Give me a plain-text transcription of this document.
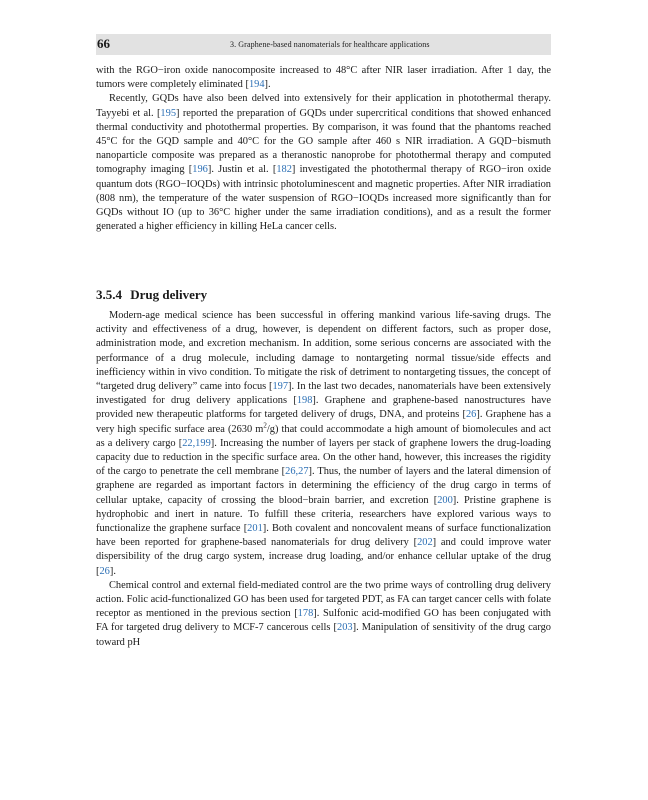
66	3. Graphene-based nanomaterials for healthcare applications

with the RGO−iron oxide nanocomposite increased to 48°C after NIR laser irradiation. After 1 day, the tumors were completely eliminated [194].

Recently, GQDs have also been delved into extensively for their application in photothermal therapy. Tayyebi et al. [195] reported the preparation of GQDs under supercritical conditions that showed enhanced thermal conductivity and photothermal properties. By comparison, it was found that the phantoms reached 45°C for the GQD sample and 40°C for the GO sample after 460 s NIR irradiation. A GQD−bismuth nanoparticle composite was prepared as a theranostic nanoprobe for photothermal therapy and computed tomography imaging [196]. Justin et al. [182] investigated the photothermal therapy of RGO−iron oxide quantum dots (RGO−IOQDs) with intrinsic photoluminescent and magnetic properties. After NIR irradiation (808 nm), the temperature of the water suspension of RGO−IOQDs increased more significantly than for GQDs without IO (up to 36°C higher under the same irradiation conditions), and as a result the former generated a higher efficiency in killing HeLa cancer cells.

3.5.4 Drug delivery

Modern-age medical science has been successful in offering mankind various life-saving drugs. The activity and effectiveness of a drug, however, is dependent on different factors, such as proper dose, administration mode, and excretion mechanism. In addition, some serious concerns are associated with the performance of a drug molecule, including damage to nontargeting normal tissue/side effects and inefficiency within in vivo condition. To mitigate the risk of detriment to nontargeting tissues, the concept of “targeted drug delivery” came into focus [197]. In the last two decades, nanomaterials have been extensively investigated for drug delivery applications [198]. Graphene and graphene-based nanostructures have provided new therapeutic platforms for targeted delivery of drugs, DNA, and proteins [26]. Graphene has a very high specific surface area (2630 $m^2/g$) that could accommodate a high amount of biomolecules and act as a delivery cargo [22,199]. Increasing the number of layers per stack of graphene lowers the drug-loading capacity due to reduction in the specific surface area. On the other hand, however, this increases the rigidity of the cargo to penetrate the cell membrane [26,27]. Thus, the number of layers and the lateral dimension of graphene are regarded as important factors in determining the efficiency of the drug cargo in terms of cellular uptake, capacity of crossing the blood−brain barrier, and excretion [200]. Pristine graphene is hydrophobic and inert in nature. To fulfill these criteria, researchers have explored various ways to functionalize the graphene surface [201]. Both covalent and noncovalent means of surface functionalization have been reported for graphene-based nanomaterials for drug delivery [202] and could improve water dispersibility of the drug cargo system, increase drug loading, and/or enhance cellular uptake of the drug [26].

Chemical control and external field-mediated control are the two prime ways of controlling drug delivery action. Folic acid-functionalized GO has been used for targeted PDT, as FA can target cancer cells with folate receptor as mentioned in the previous section [178]. Sulfonic acid-modified GO has been conjugated with FA for targeted drug delivery to MCF-7 cancerous cells [203]. Manipulation of sensitivity of the drug cargo toward pH
